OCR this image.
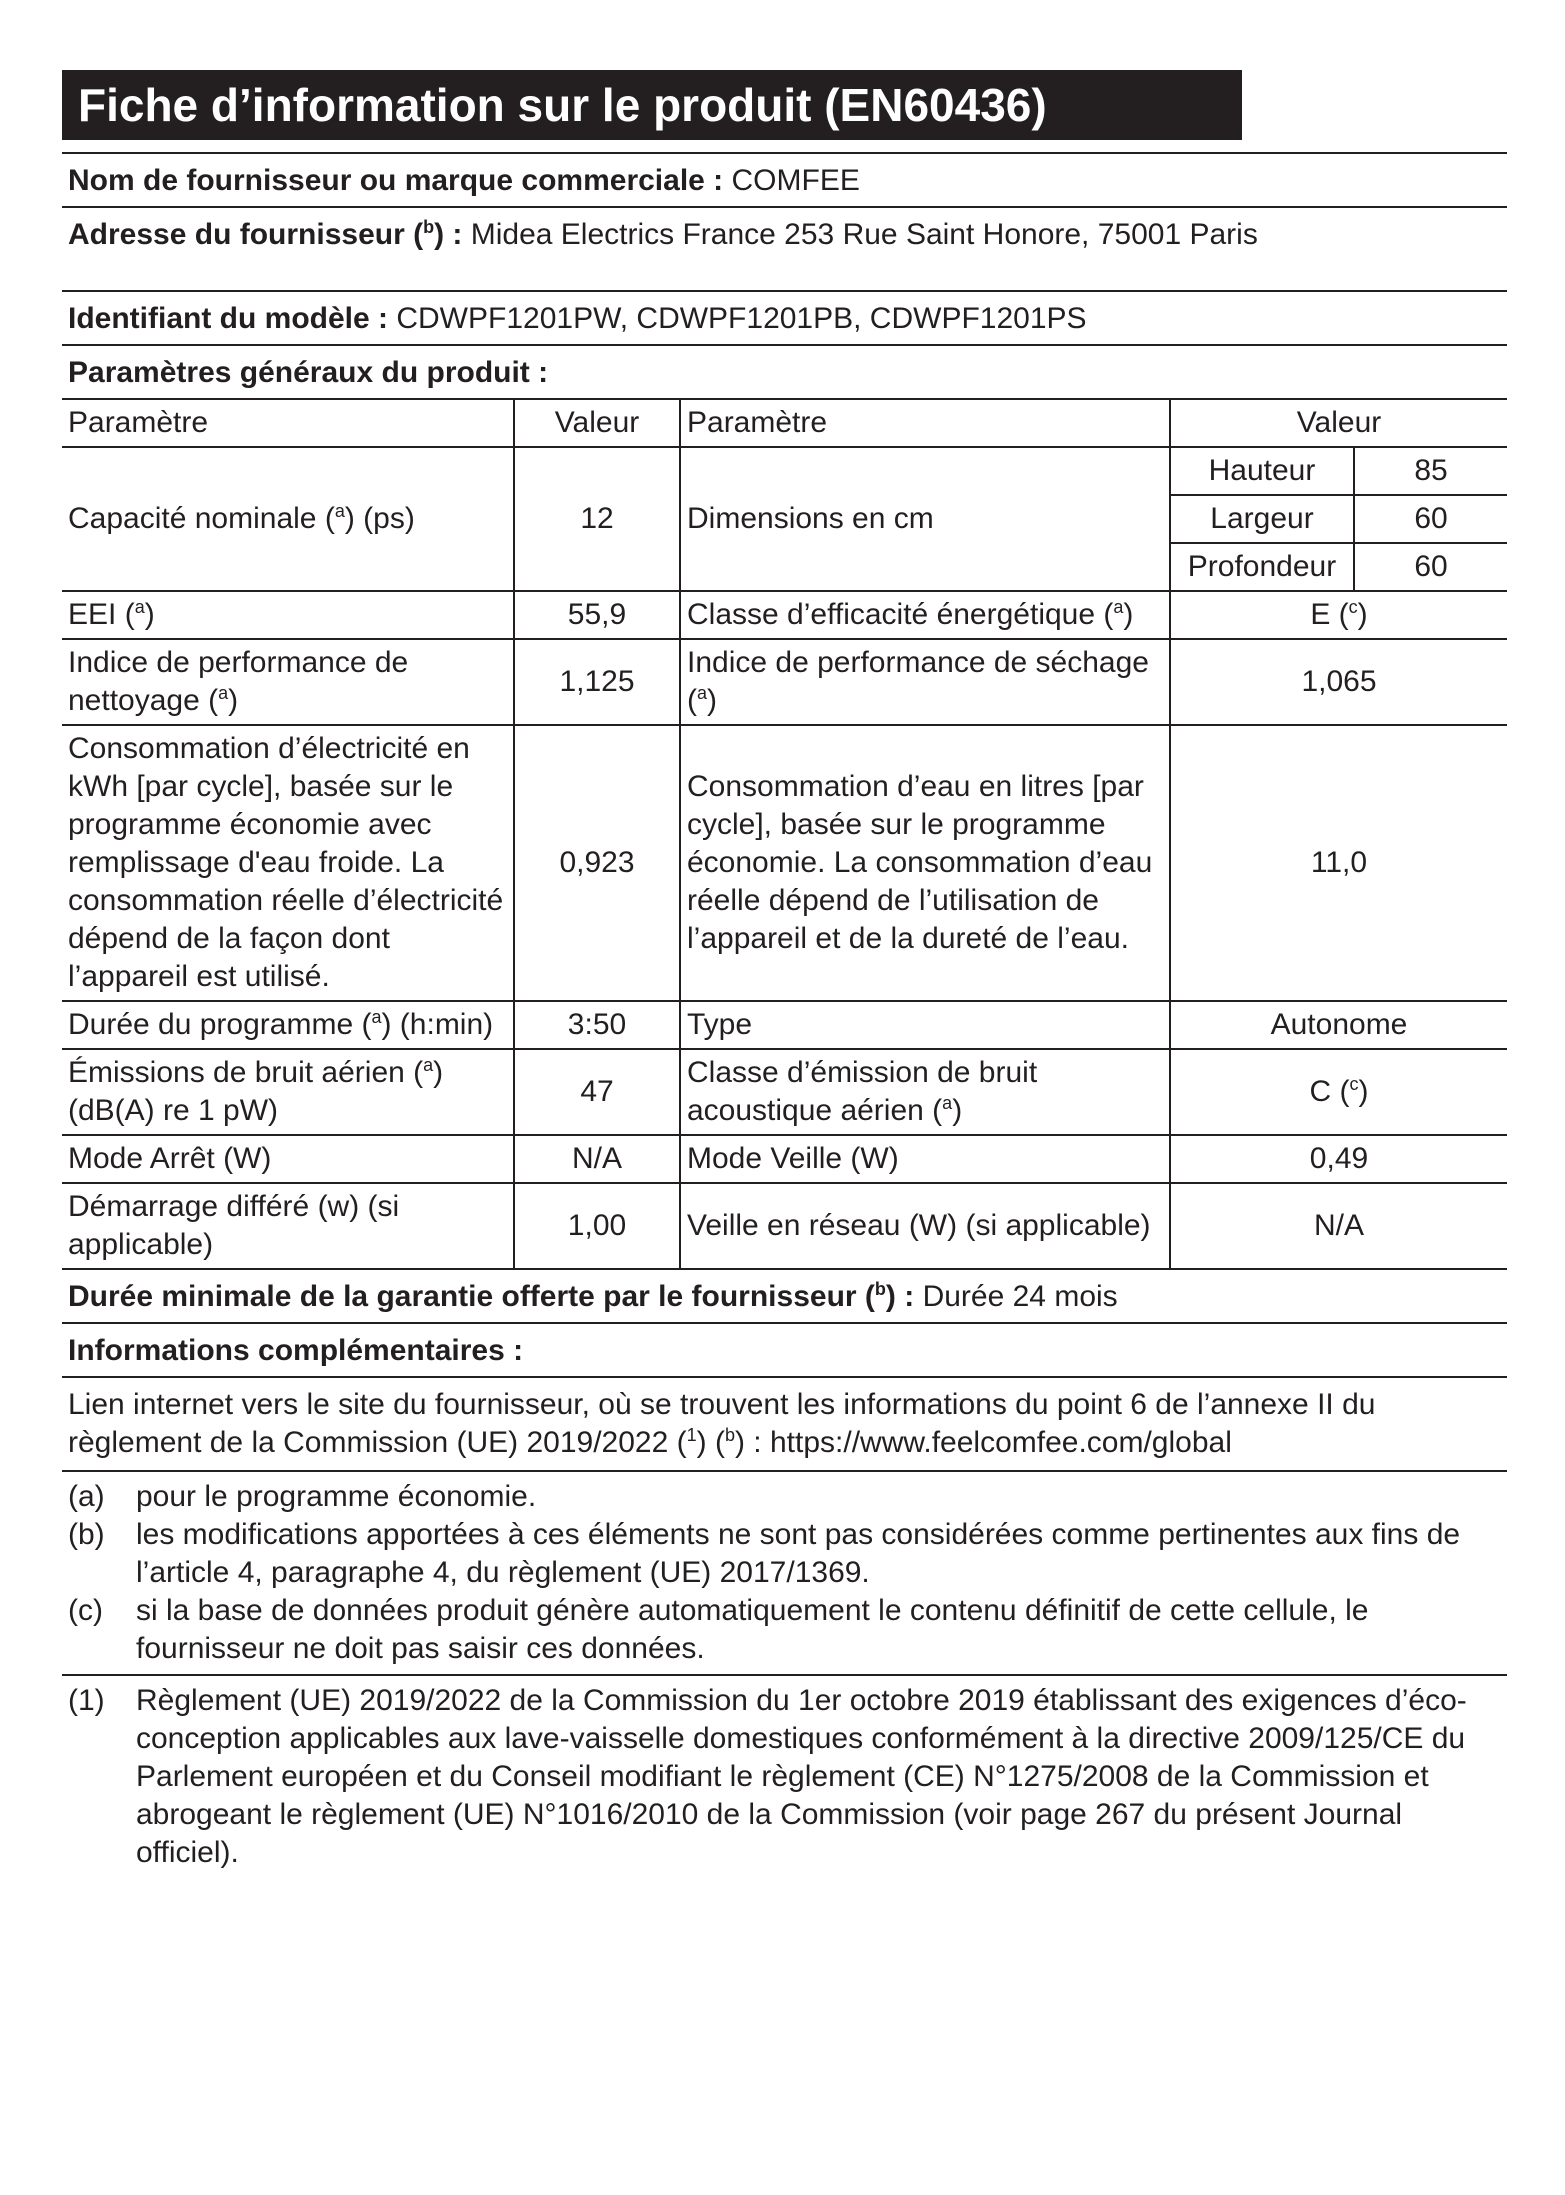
Fiche d’information sur le produit (EN60436)
Nom de fournisseur ou marque commerciale : COMFEE
Adresse du fournisseur ($^b$) : Midea Electrics France 253 Rue Saint Honore, 75001 Paris
Identifiant du modèle : CDWPF1201PW, CDWPF1201PB, CDWPF1201PS
Paramètres généraux du produit :
Paramètre	Valeur	Paramètre	Valeur	
Capacité nominale ($^a$) (ps)	12	Dimensions en cm	Hauteur	85
			Largeur	60
			Profondeur	60
EEI ($^a$)	55,9	Classe d’efficacité énergétique ($^a$)	E ($^c$)	
Indice de performance de nettoyage ($^a$)	1,125	Indice de performance de séchage ($^a$)	1,065	
Consommation d’électricité en kWh [par cycle], basée sur le programme économie avec remplissage d'eau froide. La consommation réelle d’électricité dépend de la façon dont l’appareil est utilisé.	0,923	Consommation d’eau en litres [par cycle], basée sur le programme économie. La consommation d’eau réelle dépend de l’utilisation de l’appareil et de la dureté de l’eau.	11,0	
Durée du programme ($^a$) (h:min)	3:50	Type	Autonome	
Émissions de bruit aérien ($^a$) (dB(A) re 1 pW)	47	Classe d’émission de bruit acoustique aérien ($^a$)	C ($^c$)	
Mode Arrêt (W)	N/A	Mode Veille (W)	0,49	
Démarrage différé (w) (si applicable)	1,00	Veille en réseau (W) (si applicable)	N/A	
Durée minimale de la garantie offerte par le fournisseur ($^b$) : Durée 24 mois
Informations complémentaires :
Lien internet vers le site du fournisseur, où se trouvent les informations du point 6 de l’annexe II du règlement de la Commission (UE) 2019/2022 ($^1$) ($^b$) : https://www.feelcomfee.com/global
(a)	pour le programme économie.
(b)	les modifications apportées à ces éléments ne sont pas considérées comme pertinentes aux fins de l’article 4, paragraphe 4, du règlement (UE) 2017/1369.
(c)	si la base de données produit génère automatiquement le contenu définitif de cette cellule, le fournisseur ne doit pas saisir ces données.
(1)	Règlement (UE) 2019/2022 de la Commission du 1er octobre 2019 établissant des exigences d’éco-conception applicables aux lave-vaisselle domestiques conformément à la directive 2009/125/CE du Parlement européen et du Conseil modifiant le règlement (CE) N°1275/2008 de la Commission et abrogeant le règlement (UE) N°1016/2010 de la Commission (voir page 267 du présent Journal officiel).
